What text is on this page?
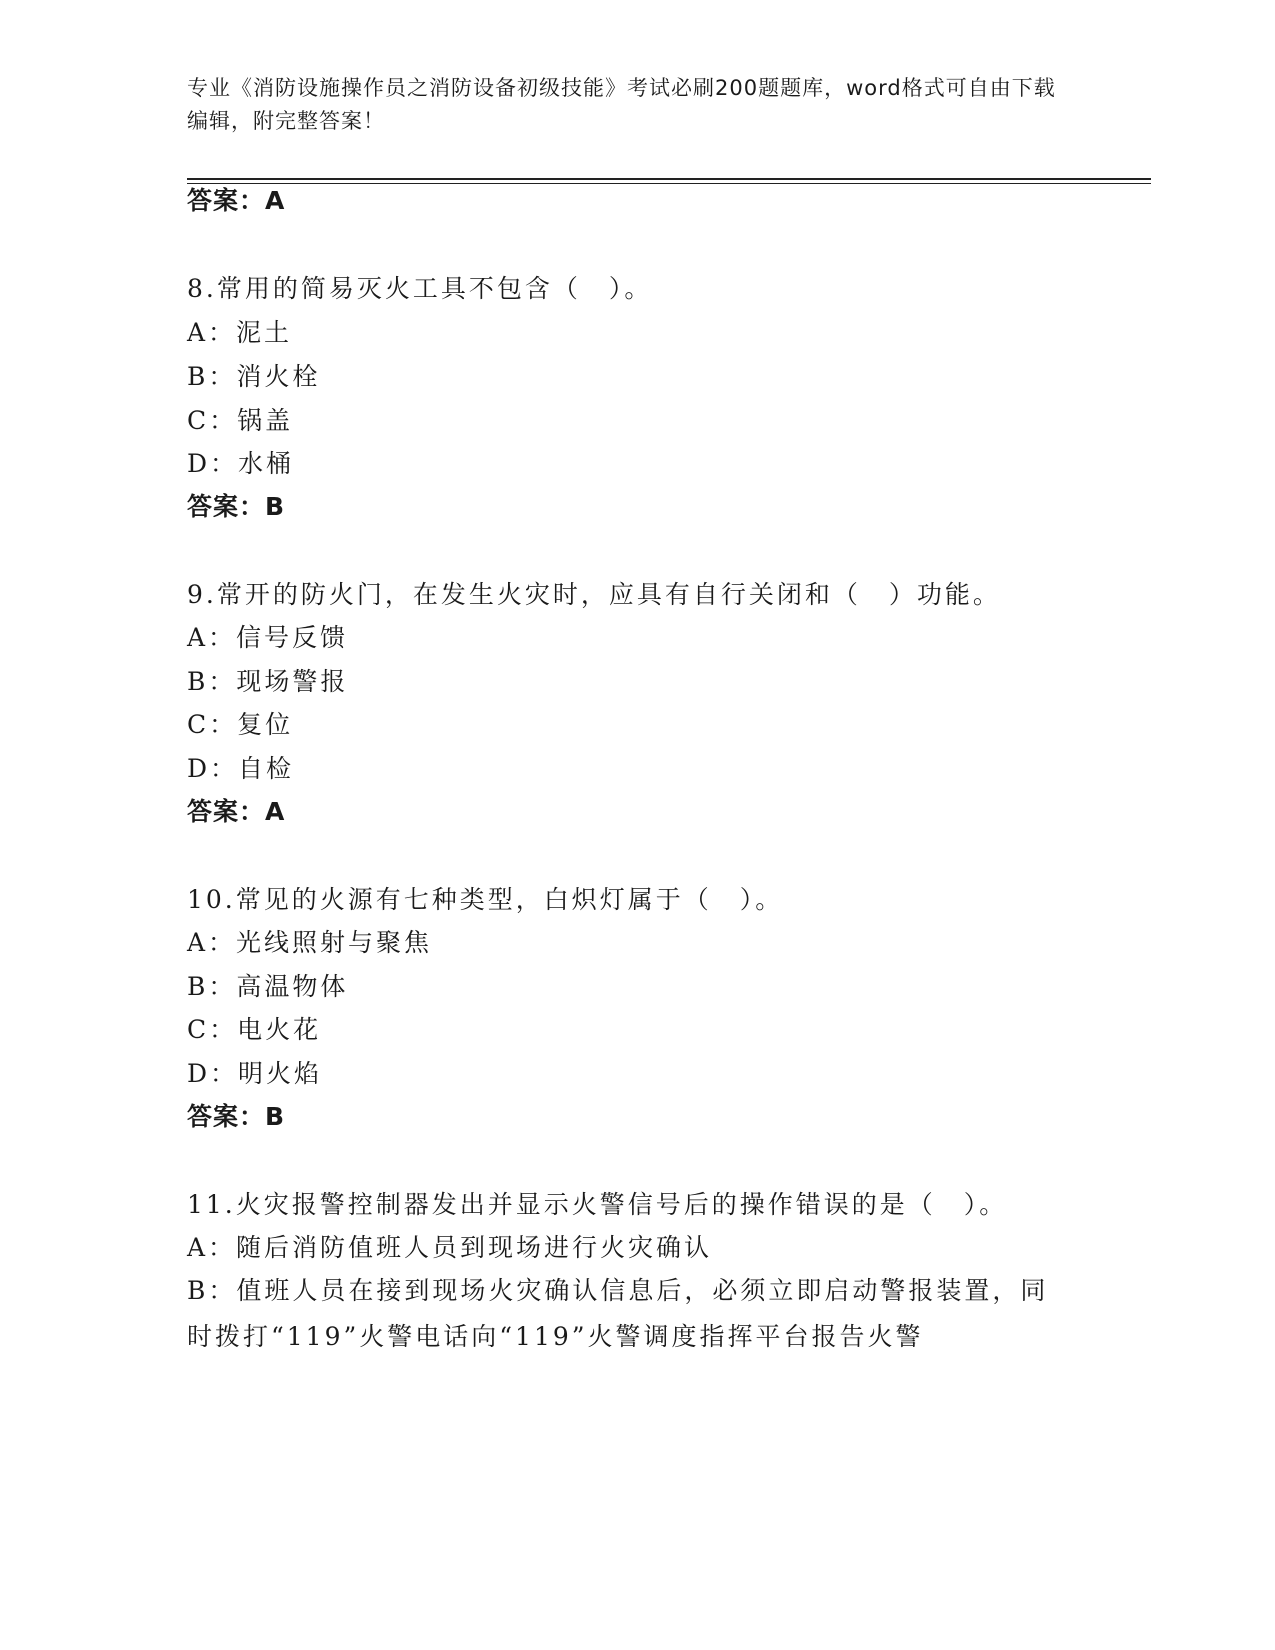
专业《消防设施操作员之消防设备初级技能》考试必刷200题题库，word格式可自由下载编辑，附完整答案！
答案：A
8.常用的简易灭火工具不包含（　）。
A：泥土
B：消火栓
C：锅盖
D：水桶
答案：B
9.常开的防火门，在发生火灾时，应具有自行关闭和（　）功能。
A：信号反馈
B：现场警报
C：复位
D：自检
答案：A
10.常见的火源有七种类型，白炽灯属于（　）。
A：光线照射与聚焦
B：高温物体
C：电火花
D：明火焰
答案：B
11.火灾报警控制器发出并显示火警信号后的操作错误的是（　）。
A：随后消防值班人员到现场进行火灾确认
B：值班人员在接到现场火灾确认信息后，必须立即启动警报装置，同时拨打“119”火警电话向“119”火警调度指挥平台报告火警
